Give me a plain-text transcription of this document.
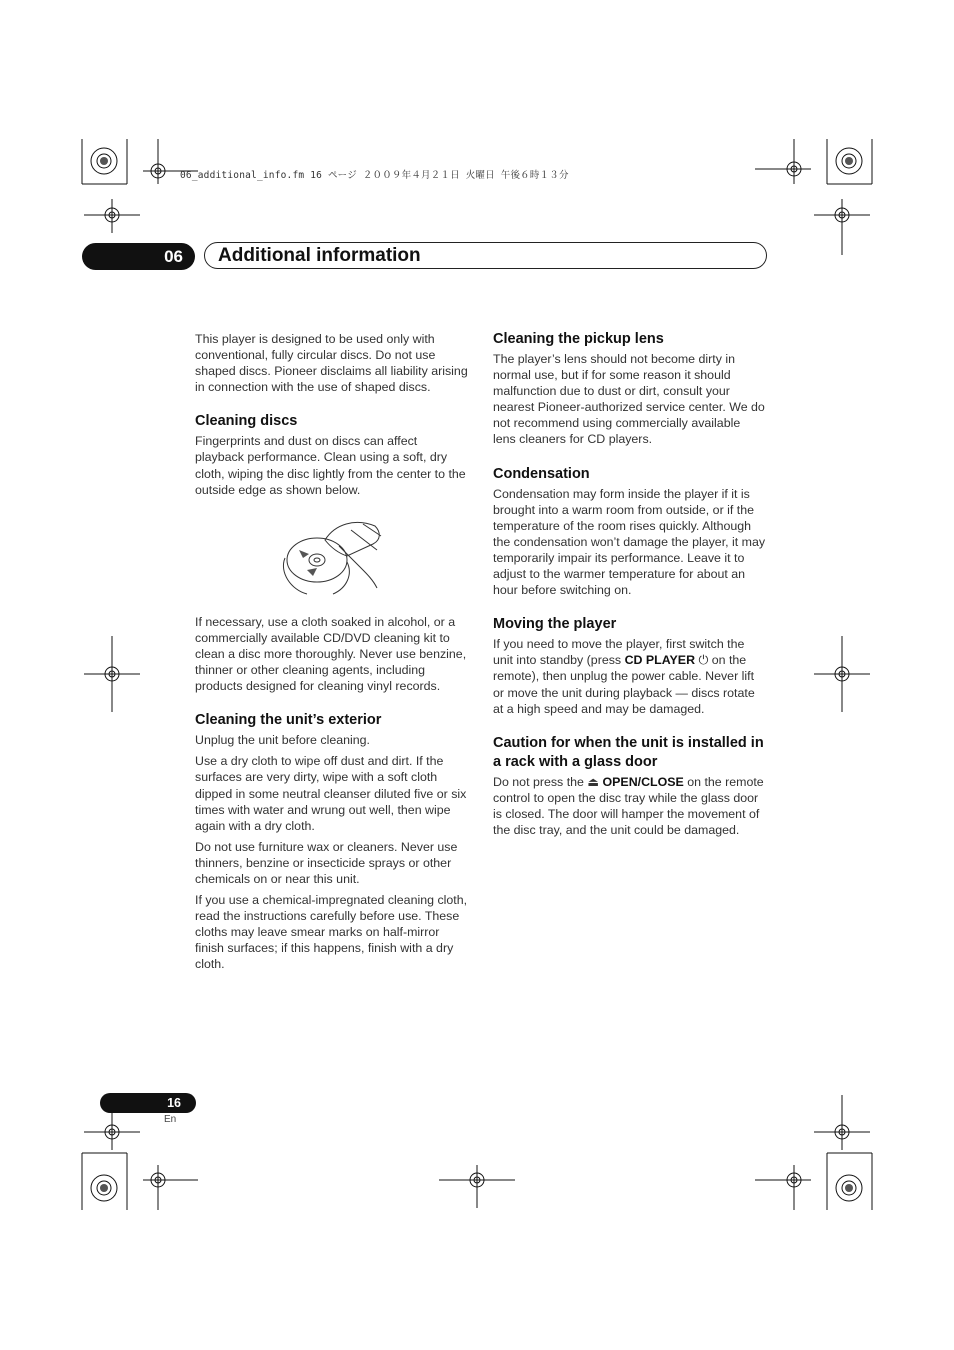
06_additional_info.fm 16 ページ ２００９年４月２１日 火曜日 午後６時１３分
06	Additional information

This player is designed to be used only with conventional, fully circular discs. Do not use shaped discs. Pioneer disclaims all liability arising in connection with the use of shaped discs.

Cleaning discs

Fingerprints and dust on discs can affect playback performance. Clean using a soft, dry cloth, wiping the disc lightly from the center to the outside edge as shown below.

If necessary, use a cloth soaked in alcohol, or a commercially available CD/DVD cleaning kit to clean a disc more thoroughly. Never use benzine, thinner or other cleaning agents, including products designed for cleaning vinyl records.

Cleaning the unit’s exterior

Unplug the unit before cleaning.

Use a dry cloth to wipe off dust and dirt. If the surfaces are very dirty, wipe with a soft cloth dipped in some neutral cleanser diluted five or six times with water and wrung out well, then wipe again with a dry cloth.

Do not use furniture wax or cleaners. Never use thinners, benzine or insecticide sprays or other chemicals on or near this unit.

If you use a chemical-impregnated cleaning cloth, read the instructions carefully before use. These cloths may leave smear marks on half-mirror finish surfaces; if this happens, finish with a dry cloth.

Cleaning the pickup lens

The player’s lens should not become dirty in normal use, but if for some reason it should malfunction due to dust or dirt, consult your nearest Pioneer-authorized service center. We do not recommend using commercially available lens cleaners for CD players.

Condensation

Condensation may form inside the player if it is brought into a warm room from outside, or if the temperature of the room rises quickly. Although the condensation won’t damage the player, it may temporarily impair its performance. Leave it to adjust to the warmer temperature for about an hour before switching on.

Moving the player

If you need to move the player, first switch the unit into standby (press CD PLAYER ⏻ on the remote), then unplug the power cable. Never lift or move the unit during playback — discs rotate at a high speed and may be damaged.

Caution for when the unit is installed in a rack with a glass door

Do not press the ⏏ OPEN/CLOSE on the remote control to open the disc tray while the glass door is closed. The door will hamper the movement of the disc tray, and the unit could be damaged.

16
En
